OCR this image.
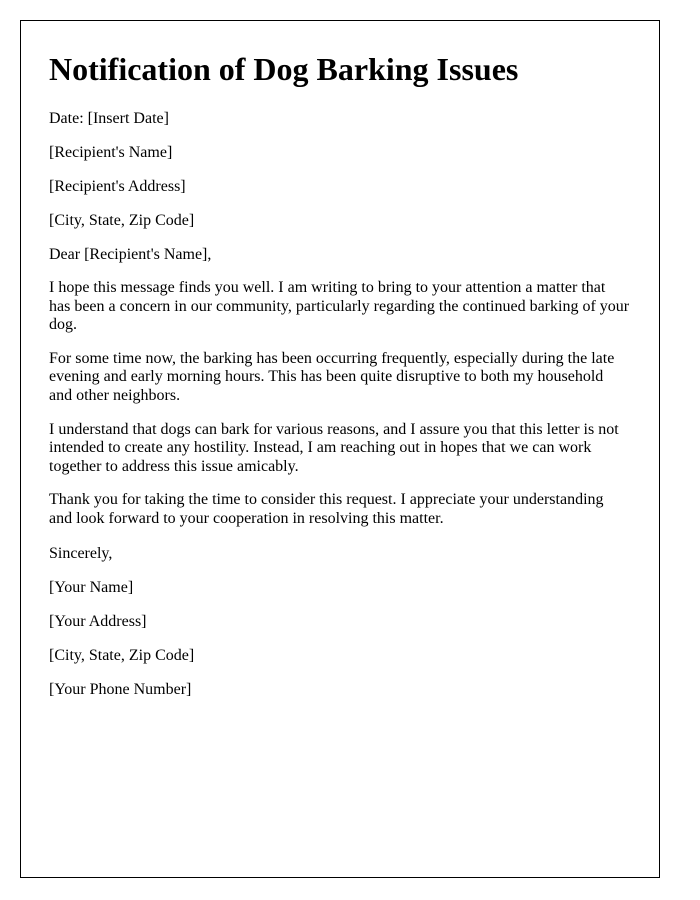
Notification of Dog Barking Issues

Date: [Insert Date]

[Recipient's Name]

[Recipient's Address]

[City, State, Zip Code]

Dear [Recipient's Name],

I hope this message finds you well. I am writing to bring to your attention a matter that has been a concern in our community, particularly regarding the continued barking of your dog.

For some time now, the barking has been occurring frequently, especially during the late evening and early morning hours. This has been quite disruptive to both my household and other neighbors.

I understand that dogs can bark for various reasons, and I assure you that this letter is not intended to create any hostility. Instead, I am reaching out in hopes that we can work together to address this issue amicably.

Thank you for taking the time to consider this request. I appreciate your understanding and look forward to your cooperation in resolving this matter.

Sincerely,

[Your Name]

[Your Address]

[City, State, Zip Code]

[Your Phone Number]
